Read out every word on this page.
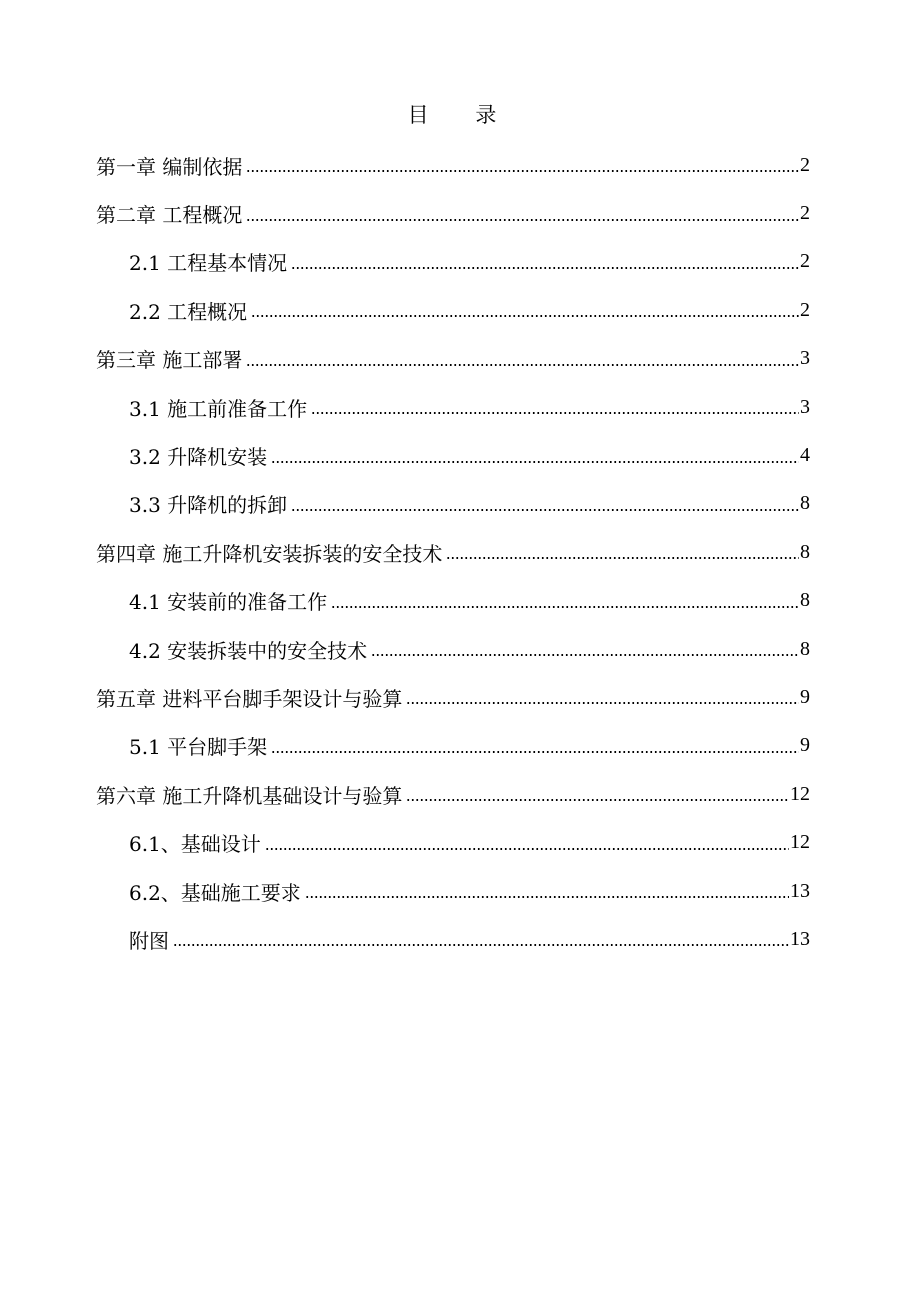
目 录
第一章 编制依据	2
第二章 工程概况	2
2.1 工程基本情况	2
2.2 工程概况	2
第三章 施工部署	3
3.1 施工前准备工作	3
3.2 升降机安装	4
3.3 升降机的拆卸	8
第四章 施工升降机安装拆装的安全技术	8
4.1 安装前的准备工作	8
4.2 安装拆装中的安全技术	8
第五章 进料平台脚手架设计与验算	9
5.1 平台脚手架	9
第六章 施工升降机基础设计与验算	12
6.1、基础设计	12
6.2、基础施工要求	13
附图	13
